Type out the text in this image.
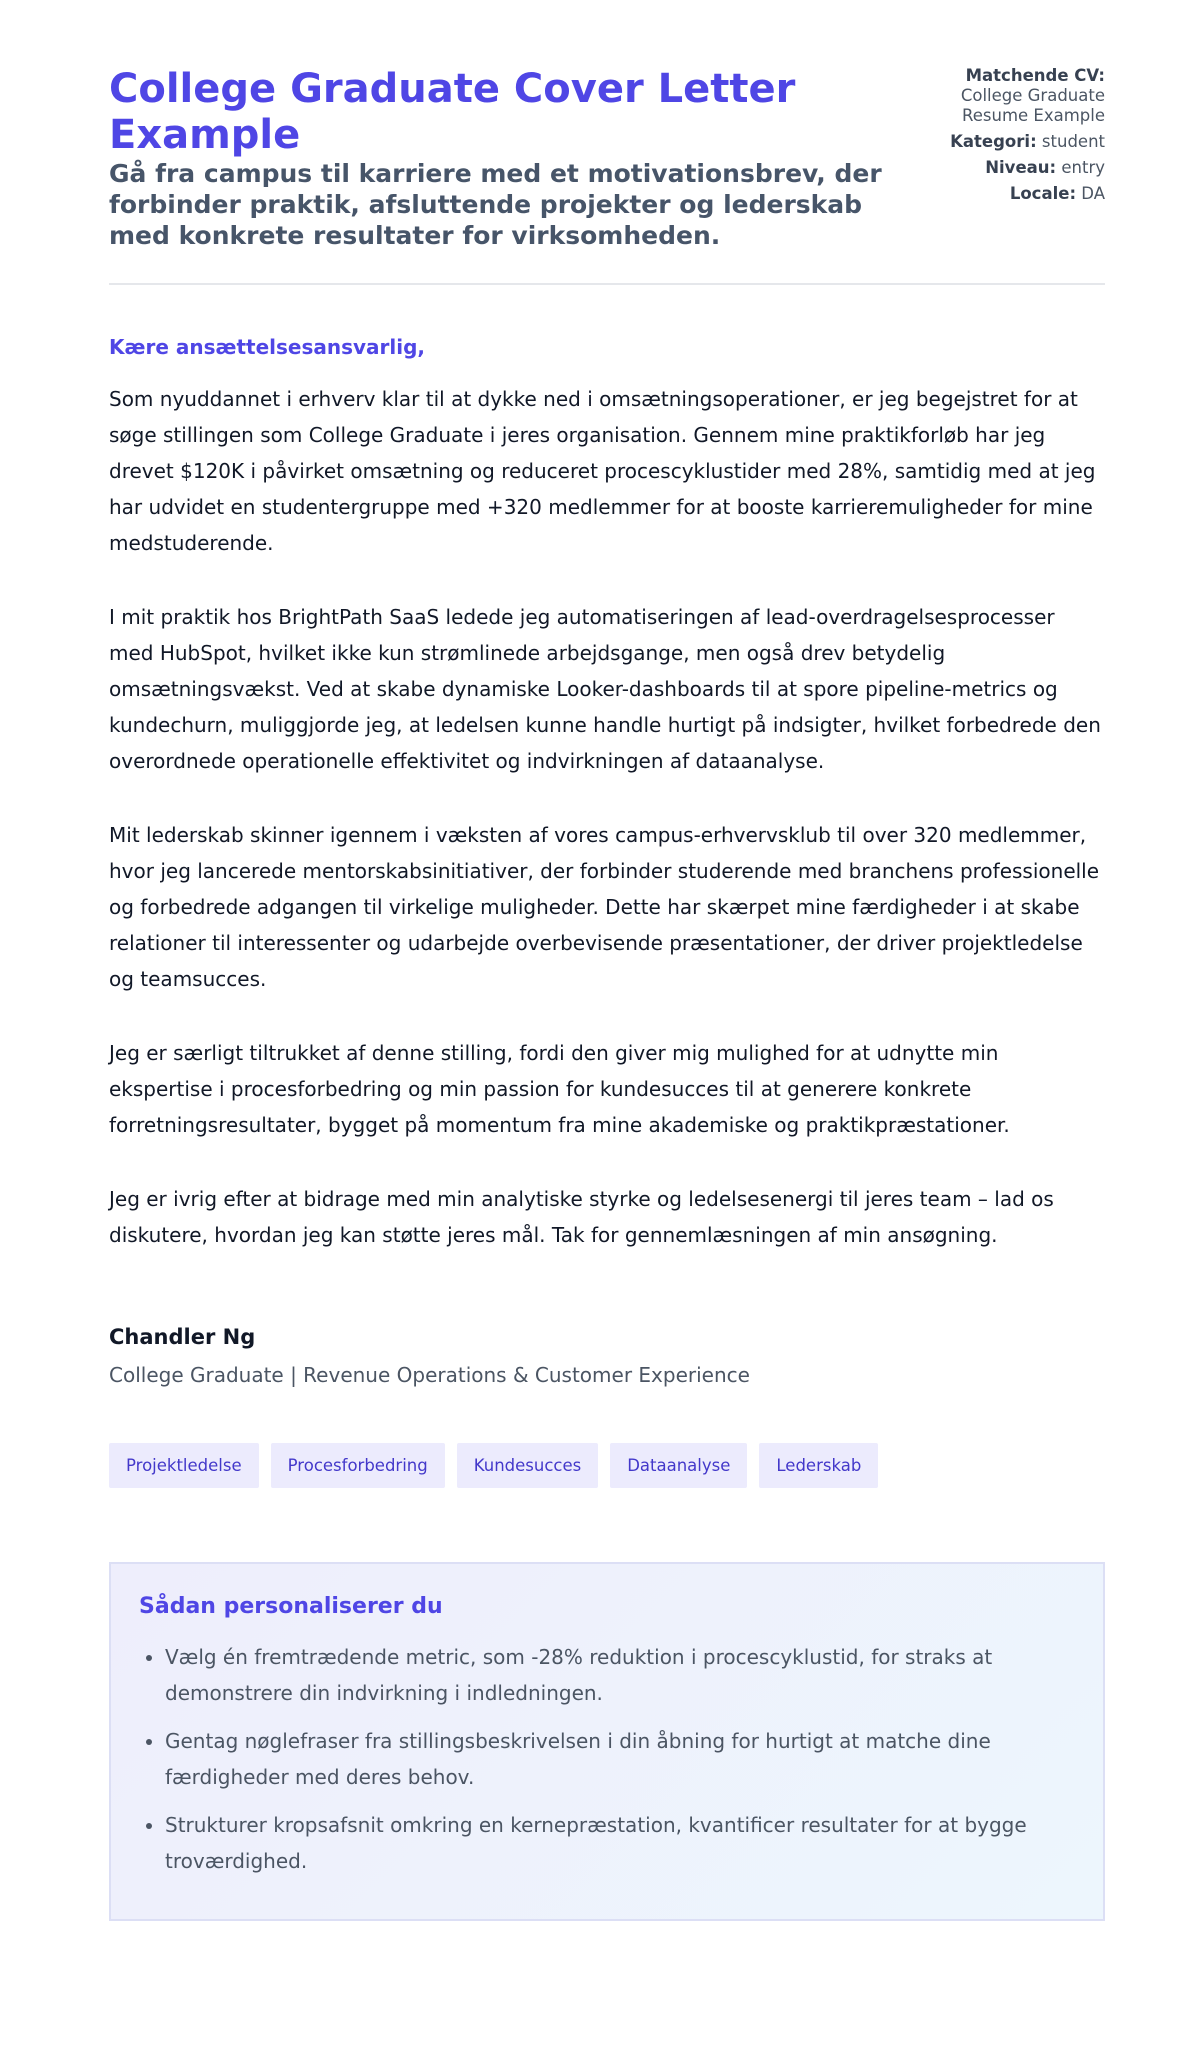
College Graduate Cover Letter Example
Gå fra campus til karriere med et motivationsbrev, der forbinder praktik, afsluttende projekter og lederskab med konkrete resultater for virksomheden.
Matchende CV:
College Graduate Resume Example
Kategori: student
Niveau: entry
Locale: DA
Kære ansættelsesansvarlig,

Som nyuddannet i erhverv klar til at dykke ned i omsætningsoperationer, er jeg begejstret for at søge stillingen som College Graduate i jeres organisation. Gennem mine praktikforløb har jeg drevet $120K i påvirket omsætning og reduceret procescyklustider med 28%, samtidig med at jeg har udvidet en studentergruppe med +320 medlemmer for at booste karrieremuligheder for mine medstuderende.

I mit praktik hos BrightPath SaaS ledede jeg automatiseringen af lead-overdragelsesprocesser med HubSpot, hvilket ikke kun strømlinede arbejdsgange, men også drev betydelig omsætningsvækst. Ved at skabe dynamiske Looker-dashboards til at spore pipeline-metrics og kundechurn, muliggjorde jeg, at ledelsen kunne handle hurtigt på indsigter, hvilket forbedrede den overordnede operationelle effektivitet og indvirkningen af dataanalyse.

Mit lederskab skinner igennem i væksten af vores campus-erhvervsklub til over 320 medlemmer, hvor jeg lancerede mentorskabsinitiativer, der forbinder studerende med branchens professionelle og forbedrede adgangen til virkelige muligheder. Dette har skærpet mine færdigheder i at skabe relationer til interessenter og udarbejde overbevisende præsentationer, der driver projektledelse og teamsucces.

Jeg er særligt tiltrukket af denne stilling, fordi den giver mig mulighed for at udnytte min ekspertise i procesforbedring og min passion for kundesucces til at generere konkrete forretningsresultater, bygget på momentum fra mine akademiske og praktikpræstationer.

Jeg er ivrig efter at bidrage med min analytiske styrke og ledelsesenergi til jeres team – lad os diskutere, hvordan jeg kan støtte jeres mål. Tak for gennemlæsningen af min ansøgning.

Chandler Ng
College Graduate | Revenue Operations & Customer Experience
Projektledelse	Procesforbedring	Kundesucces	Dataanalyse	Lederskab
Sådan personaliserer du
• Vælg én fremtrædende metric, som -28% reduktion i procescyklustid, for straks at demonstrere din indvirkning i indledningen.
• Gentag nøglefraser fra stillingsbeskrivelsen i din åbning for hurtigt at matche dine færdigheder med deres behov.
• Strukturer kropsafsnit omkring en kernepræstation, kvantificer resultater for at bygge troværdighed.
